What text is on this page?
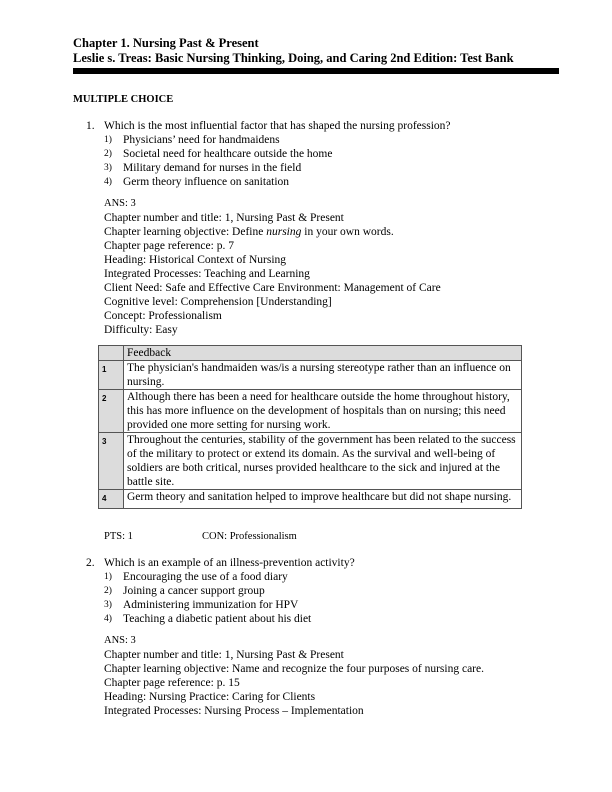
Chapter 1. Nursing Past & Present
Leslie s. Treas: Basic Nursing Thinking, Doing, and Caring 2nd Edition: Test Bank
MULTIPLE CHOICE
1. Which is the most influential factor that has shaped the nursing profession?
1) Physicians’ need for handmaidens
2) Societal need for healthcare outside the home
3) Military demand for nurses in the field
4) Germ theory influence on sanitation
ANS: 3
Chapter number and title: 1, Nursing Past & Present
Chapter learning objective: Define nursing in your own words.
Chapter page reference: p. 7
Heading: Historical Context of Nursing
Integrated Processes: Teaching and Learning
Client Need: Safe and Effective Care Environment: Management of Care
Cognitive level: Comprehension [Understanding]
Concept: Professionalism
Difficulty: Easy
	Feedback
1	The physician's handmaiden was/is a nursing stereotype rather than an influence on nursing.
2	Although there has been a need for healthcare outside the home throughout history, this has more influence on the development of hospitals than on nursing; this need provided one more setting for nursing work.
3	Throughout the centuries, stability of the government has been related to the success of the military to protect or extend its domain. As the survival and well-being of soldiers are both critical, nurses provided healthcare to the sick and injured at the battle site.
4	Germ theory and sanitation helped to improve healthcare but did not shape nursing.
PTS: 1	CON: Professionalism
2. Which is an example of an illness-prevention activity?
1) Encouraging the use of a food diary
2) Joining a cancer support group
3) Administering immunization for HPV
4) Teaching a diabetic patient about his diet
ANS: 3
Chapter number and title: 1, Nursing Past & Present
Chapter learning objective: Name and recognize the four purposes of nursing care.
Chapter page reference: p. 15
Heading: Nursing Practice: Caring for Clients
Integrated Processes: Nursing Process – Implementation
